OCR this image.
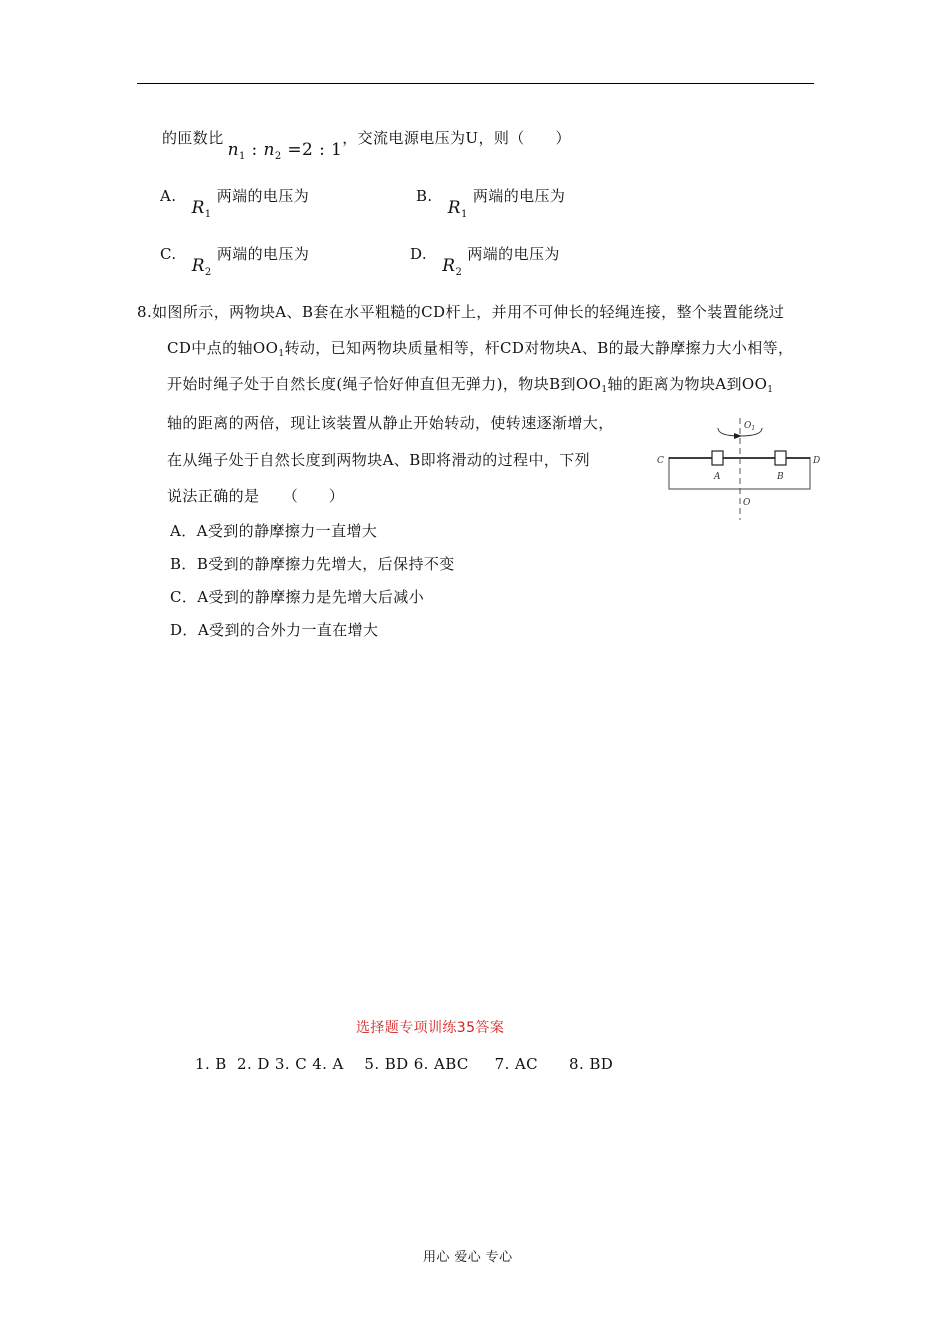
的匝数比$n_1$ : $n_2 =2$ : 1，交流电源电压为U，则（　　）
A. $R_1$ 两端的电压为	B. $R_1$ 两端的电压为
C. $R_2$ 两端的电压为	D. $R_2$ 两端的电压为
8.如图所示，两物块A、B套在水平粗糙的CD杆上，并用不可伸长的轻绳连接，整个装置能绕过
CD中点的轴$OO_1$转动，已知两物块质量相等，杆CD对物块A、B的最大静摩擦力大小相等，
开始时绳子处于自然长度(绳子恰好伸直但无弹力)，物块B到$OO_1$轴的距离为物块A到$OO_1$
轴的距离的两倍，现让该装置从静止开始转动，使转速逐渐增大，
在从绳子处于自然长度到两物块A、B即将滑动的过程中，下列
说法正确的是　　（　　）
A．A受到的静摩擦力一直增大
B．B受到的静摩擦力先增大，后保持不变
C．A受到的静摩擦力是先增大后减小
D．A受到的合外力一直在增大
C	D
A	B
O
$O_1$
选择题专项训练35答案
1. B  2. D 3. C 4. A    5. BD 6. ABC     7. AC      8. BD
用心 爱心 专心
